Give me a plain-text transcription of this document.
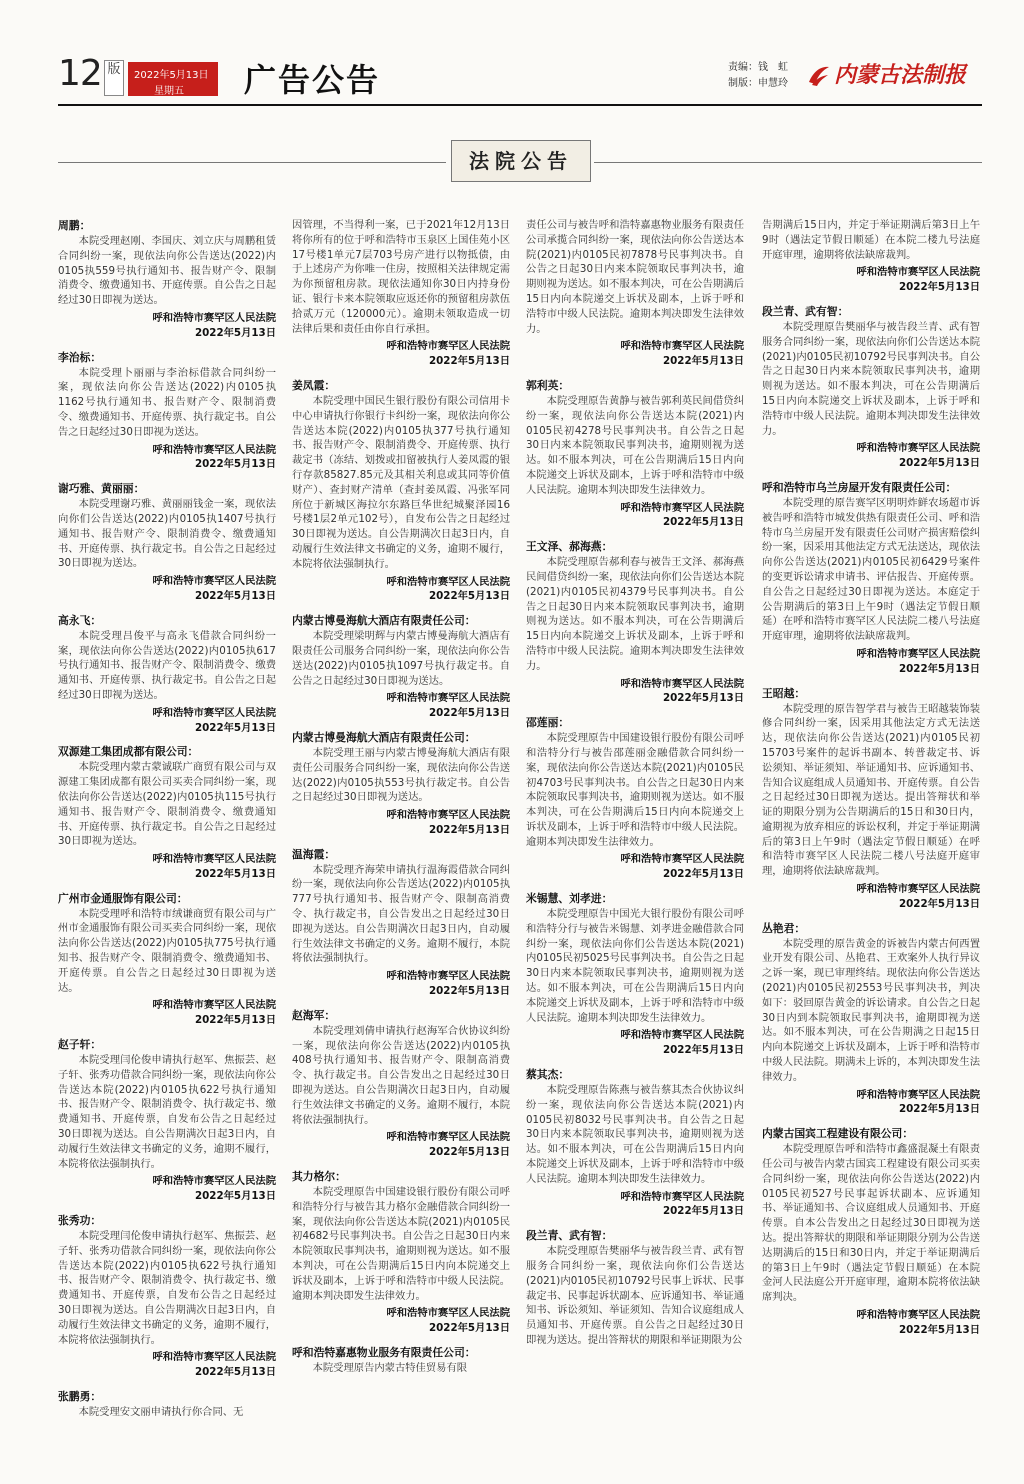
12 版	2022年5月13日
星期五 广告公告	责编：钱　虹
制版：申慧玲 内蒙古法制报
法院公告
周鹏：

本院受理赵刚、李国庆、刘立庆与周鹏租赁合同纠纷一案，现依法向你公告送达(2022)内0105执559号执行通知书、报告财产令、限制消费令、缴费通知书、开庭传票。自公告之日起经过30日即视为送达。

呼和浩特市赛罕区人民法院
2022年5月13日
李治标：

本院受理卜丽丽与李治标借款合同纠纷一案，现依法向你公告送达(2022)内0105执1162号执行通知书、报告财产令、限制消费令、缴费通知书、开庭传票、执行裁定书。自公告之日起经过30日即视为送达。

呼和浩特市赛罕区人民法院
2022年5月13日
谢巧雅、黄丽丽：

本院受理谢巧雅、黄丽丽钱金一案，现依法向你们公告送达(2022)内0105执1407号执行通知书、报告财产令、限制消费令、缴费通知书、开庭传票、执行裁定书。自公告之日起经过30日即视为送达。

呼和浩特市赛罕区人民法院
2022年5月13日
高永飞：

本院受理吕俊平与高永飞借款合同纠纷一案，现依法向你公告送达(2022)内0105执617号执行通知书、报告财产令、限制消费令、缴费通知书、开庭传票、执行裁定书。自公告之日起经过30日即视为送达。

呼和浩特市赛罕区人民法院
2022年5月13日
双源建工集团成都有限公司：

本院受理内蒙古蒙诚联广商贸有限公司与双源建工集团成都有限公司买卖合同纠纷一案，现依法向你公告送达(2022)内0105执115号执行通知书、报告财产令、限制消费令、缴费通知书、开庭传票、执行裁定书。自公告之日起经过30日即视为送达。

呼和浩特市赛罕区人民法院
2022年5月13日
广州市金通服饰有限公司：

本院受理呼和浩特市绒谦商贸有限公司与广州市金通服饰有限公司买卖合同纠纷一案，现依法向你公告送达(2022)内0105执775号执行通知书、报告财产令、限制消费令、缴费通知书、开庭传票。自公告之日起经过30日即视为送达。

呼和浩特市赛罕区人民法院
2022年5月13日
赵子轩：

本院受理闫伦俊申请执行赵军、焦振芸、赵子轩、张秀功借款合同纠纷一案，现依法向你公告送达本院(2022)内0105执622号执行通知书、报告财产令、限制消费令、执行裁定书、缴费通知书、开庭传票，自发布公告之日起经过30日即视为送达。自公告期满次日起3日内，自动履行生效法律文书确定的义务，逾期不履行，本院将依法强制执行。

呼和浩特市赛罕区人民法院
2022年5月13日
张秀功：

本院受理闫伦俊申请执行赵军、焦振芸、赵子轩、张秀功借款合同纠纷一案，现依法向你公告送达本院(2022)内0105执622号执行通知书、报告财产令、限制消费令、执行裁定书、缴费通知书、开庭传票，自发布公告之日起经过30日即视为送达。自公告期满次日起3日内，自动履行生效法律文书确定的义务，逾期不履行，本院将依法强制执行。

呼和浩特市赛罕区人民法院
2022年5月13日
张鹏勇：

本院受理安文丽申请执行你合同、无

因管理，不当得利一案，已于2021年12月13日将你所有的位于呼和浩特市玉泉区上国佳苑小区17号楼1单元7层703号房产进行以物抵债，由于上述房产为你唯一住房，按照相关法律规定需为你预留租房款。现依法通知你30日内持身份证、银行卡来本院领取应返还你的预留租房款伍拾贰万元（120000元）。逾期未领取造成一切法律后果和责任由你自行承担。

呼和浩特市赛罕区人民法院
2022年5月13日
姜凤霞：

本院受理中国民生银行股份有限公司信用卡中心申请执行你银行卡纠纷一案，现依法向你公告送达本院(2022)内0105执377号执行通知书、报告财产令、限制消费令、开庭传票、执行裁定书（冻结、划拨或扣留被执行人姜凤霞的银行存款85827.85元及其相关利息或其同等价值财产）、查封财产清单（查封姜凤霞、冯张军同所位于新城区海拉尔东路巨华世纪城聚泽园16号楼1层2单元102号），自发布公告之日起经过30日即视为送达。自公告期满次日起3日内，自动履行生效法律文书确定的义务，逾期不履行，本院将依法强制执行。

呼和浩特市赛罕区人民法院
2022年5月13日
内蒙古博曼海航大酒店有限责任公司：

本院受理梁明辉与内蒙古博曼海航大酒店有限责任公司服务合同纠纷一案，现依法向你公告送达(2022)内0105执1097号执行裁定书。自公告之日起经过30日即视为送达。

呼和浩特市赛罕区人民法院
2022年5月13日
内蒙古博曼海航大酒店有限责任公司：

本院受理王丽与内蒙古博曼海航大酒店有限责任公司服务合同纠纷一案，现依法向你公告送达(2022)内0105执553号执行裁定书。自公告之日起经过30日即视为送达。

呼和浩特市赛罕区人民法院
2022年5月13日
温海霞：

本院受理齐海荣申请执行温海霞借款合同纠纷一案，现依法向你公告送达(2022)内0105执777号执行通知书、报告财产令、限制高消费令、执行裁定书，自公告发出之日起经过30日即视为送达。自公告期满次日起3日内，自动履行生效法律文书确定的义务。逾期不履行，本院将依法强制执行。

呼和浩特市赛罕区人民法院
2022年5月13日
赵海军：

本院受理刘倩申请执行赵海军合伙协议纠纷一案，现依法向你公告送达(2022)内0105执408号执行通知书、报告财产令、限制高消费令、执行裁定书。自公告发出之日起经过30日即视为送达。自公告期满次日起3日内，自动履行生效法律文书确定的义务。逾期不履行，本院将依法强制执行。

呼和浩特市赛罕区人民法院
2022年5月13日
其力格尔：

本院受理原告中国建设银行股份有限公司呼和浩特分行与被告其力格尔金融借款合同纠纷一案，现依法向你公告送达本院(2021)内0105民初4682号民事判决书。自公告之日起30日内来本院领取民事判决书，逾期则视为送达。如不服本判决，可在公告期满后15日内向本院递交上诉状及副本，上诉于呼和浩特市中级人民法院。逾期本判决即发生法律效力。

呼和浩特市赛罕区人民法院
2022年5月13日
呼和浩特嘉惠物业服务有限责任公司：

本院受理原告内蒙古特佳贸易有限

责任公司与被告呼和浩特嘉惠物业服务有限责任公司承揽合同纠纷一案，现依法向你公告送达本院(2021)内0105民初7878号民事判决书。自公告之日起30日内来本院领取民事判决书，逾期则视为送达。如不服本判决，可在公告期满后15日内向本院递交上诉状及副本，上诉于呼和浩特市中级人民法院。逾期本判决即发生法律效力。

呼和浩特市赛罕区人民法院
2022年5月13日
郭利英：

本院受理原告黄静与被告郭利英民间借贷纠纷一案，现依法向你公告送达本院(2021)内0105民初4278号民事判决书。自公告之日起30日内来本院领取民事判决书，逾期则视为送达。如不服本判决，可在公告期满后15日内向本院递交上诉状及副本，上诉于呼和浩特市中级人民法院。逾期本判决即发生法律效力。

呼和浩特市赛罕区人民法院
2022年5月13日
王文泽、郝海燕：

本院受理原告郝利春与被告王文泽、郝海燕民间借贷纠纷一案，现依法向你们公告送达本院(2021)内0105民初4379号民事判决书。自公告之日起30日内来本院领取民事判决书，逾期则视为送达。如不服本判决，可在公告期满后15日内向本院递交上诉状及副本，上诉于呼和浩特市中级人民法院。逾期本判决即发生法律效力。

呼和浩特市赛罕区人民法院
2022年5月13日
邵莲丽：

本院受理原告中国建设银行股份有限公司呼和浩特分行与被告邵莲丽金融借款合同纠纷一案，现依法向你公告送达本院(2021)内0105民初4703号民事判决书。自公告之日起30日内来本院领取民事判决书，逾期则视为送达。如不服本判决，可在公告期满后15日内向本院递交上诉状及副本，上诉于呼和浩特市中级人民法院。逾期本判决即发生法律效力。

呼和浩特市赛罕区人民法院
2022年5月13日
米锡慧、刘孝进：

本院受理原告中国光大银行股份有限公司呼和浩特分行与被告米锡慧、刘孝进金融借款合同纠纷一案，现依法向你们公告送达本院(2021)内0105民初5025号民事判决书。自公告之日起30日内来本院领取民事判决书，逾期则视为送达。如不服本判决，可在公告期满后15日内向本院递交上诉状及副本，上诉于呼和浩特市中级人民法院。逾期本判决即发生法律效力。

呼和浩特市赛罕区人民法院
2022年5月13日
蔡其杰：

本院受理原告陈燕与被告蔡其杰合伙协议纠纷一案，现依法向你公告送达本院(2021)内0105民初8032号民事判决书。自公告之日起30日内来本院领取民事判决书，逾期则视为送达。如不服本判决，可在公告期满后15日内向本院递交上诉状及副本，上诉于呼和浩特市中级人民法院。逾期本判决即发生法律效力。

呼和浩特市赛罕区人民法院
2022年5月13日
段兰青、武有智：

本院受理原告樊丽华与被告段兰青、武有智服务合同纠纷一案，现依法向你们公告送达(2021)内0105民初10792号民事上诉状、民事裁定书、民事起诉状副本、应诉通知书、举证通知书、诉讼须知、举证须知、告知合议庭组成人员通知书、开庭传票。自公告之日起经过30日即视为送达。提出答辩状的期限和举证期限为公

告期满后15日内，并定于举证期满后第3日上午9时（遇法定节假日顺延）在本院二楼九号法庭开庭审理，逾期将依法缺席裁判。

呼和浩特市赛罕区人民法院
2022年5月13日
段兰青、武有智：

本院受理原告樊丽华与被告段兰青、武有智服务合同纠纷一案，现依法向你们公告送达本院(2021)内0105民初10792号民事判决书。自公告之日起30日内来本院领取民事判决书，逾期则视为送达。如不服本判决，可在公告期满后15日内向本院递交上诉状及副本，上诉于呼和浩特市中级人民法院。逾期本判决即发生法律效力。

呼和浩特市赛罕区人民法院
2022年5月13日
呼和浩特市乌兰房屋开发有限责任公司：

本院受理的原告赛罕区明明炸鲜农场超市诉被告呼和浩特市城发供热有限责任公司、呼和浩特市乌兰房屋开发有限责任公司财产损害赔偿纠纷一案，因采用其他法定方式无法送达，现依法向你公告送达(2021)内0105民初6429号案件的变更诉讼请求申请书、评估报告、开庭传票。自公告之日起经过30日即视为送达。本庭定于公告期满后的第3日上午9时（遇法定节假日顺延）在呼和浩特市赛罕区人民法院二楼八号法庭开庭审理，逾期将依法缺席裁判。

呼和浩特市赛罕区人民法院
2022年5月13日
王昭越：

本院受理的原告智学君与被告王昭越装饰装修合同纠纷一案，因采用其他法定方式无法送达，现依法向你公告送达(2021)内0105民初15703号案件的起诉书副本、转普裁定书、诉讼须知、举证须知、举证通知书、应诉通知书、告知合议庭组成人员通知书、开庭传票。自公告之日起经过30日即视为送达。提出答辩状和举证的期限分别为公告期满后的15日和30日内，逾期视为放弃相应的诉讼权利，并定于举证期满后的第3日上午9时（遇法定节假日顺延）在呼和浩特市赛罕区人民法院二楼八号法庭开庭审理，逾期将依法缺席裁判。

呼和浩特市赛罕区人民法院
2022年5月13日
丛艳君：

本院受理的原告黄金的诉被告内蒙古何西置业开发有限公司、丛艳君、王欢案外人执行异议之诉一案，现已审理终结。现依法向你公告送达(2021)内0105民初2553号民事判决书，判决如下：驳回原告黄金的诉讼请求。自公告之日起30日内到本院领取民事判决书，逾期即视为送达。如不服本判决，可在公告期满之日起15日内向本院递交上诉状及副本，上诉于呼和浩特市中级人民法院。期满未上诉的，本判决即发生法律效力。

呼和浩特市赛罕区人民法院
2022年5月13日
内蒙古国宾工程建设有限公司：

本院受理原告呼和浩特市鑫盛混凝土有限责任公司与被告内蒙古国宾工程建设有限公司买卖合同纠纷一案，现依法向你公告送达(2022)内0105民初527号民事起诉状副本、应诉通知书、举证通知书、合议庭组成人员通知书、开庭传票。自本公告发出之日起经过30日即视为送达。提出答辩状的期限和举证期限分别为公告送达期满后的15日和30日内，并定于举证期满后的第3日上午9时（遇法定节假日顺延）在本院金河人民法庭公开开庭审理，逾期本院将依法缺席判决。

呼和浩特市赛罕区人民法院
2022年5月13日
